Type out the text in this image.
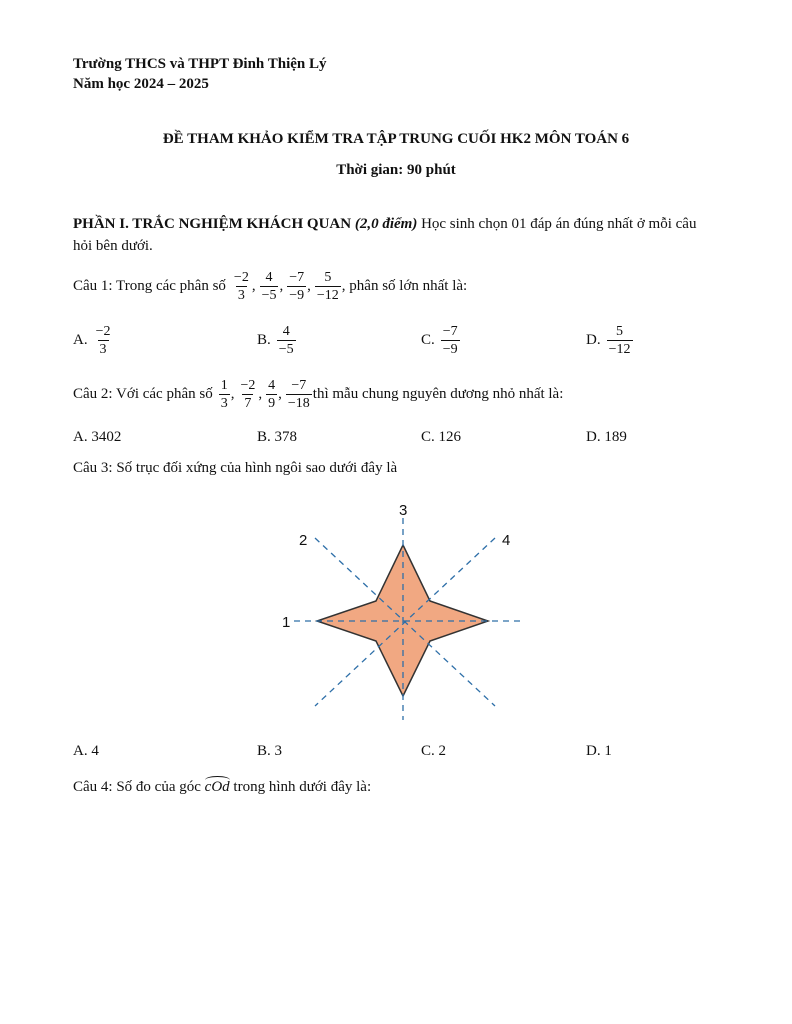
Trường THCS và THPT Đinh Thiện Lý
Năm học 2024 – 2025
ĐỀ THAM KHẢO KIỂM TRA TẬP TRUNG CUỐI HK2 MÔN TOÁN 6
Thời gian: 90 phút
PHẦN I. TRẮC NGHIỆM KHÁCH QUAN (2,0 điểm) Học sinh chọn 01 đáp án đúng nhất ở mỗi câu
hỏi bên dưới.
Câu 1: Trong các phân số $\frac{-2}{3}$ , $\frac{4}{-5}$ , $\frac{-7}{-9}$ , $\frac{5}{-12}$ , phân số lớn nhất là:
A. $\frac{-2}{3}$	B. $\frac{4}{-5}$	C. $\frac{-7}{-9}$	D. $\frac{5}{-12}$
Câu 2: Với các phân số $\frac{1}{3}$ , $\frac{-2}{7}$ , $\frac{4}{9}$ , $\frac{-7}{-18}$ thì mẫu chung nguyên dương nhỏ nhất là:
A. 3402	B. 378	C. 126	D. 189
Câu 3: Số trục đối xứng của hình ngôi sao dưới đây là
1
2
3
4
A. 4	B. 3	C. 2	D. 1
Câu 4: Số đo của góc cOd trong hình dưới đây là:
